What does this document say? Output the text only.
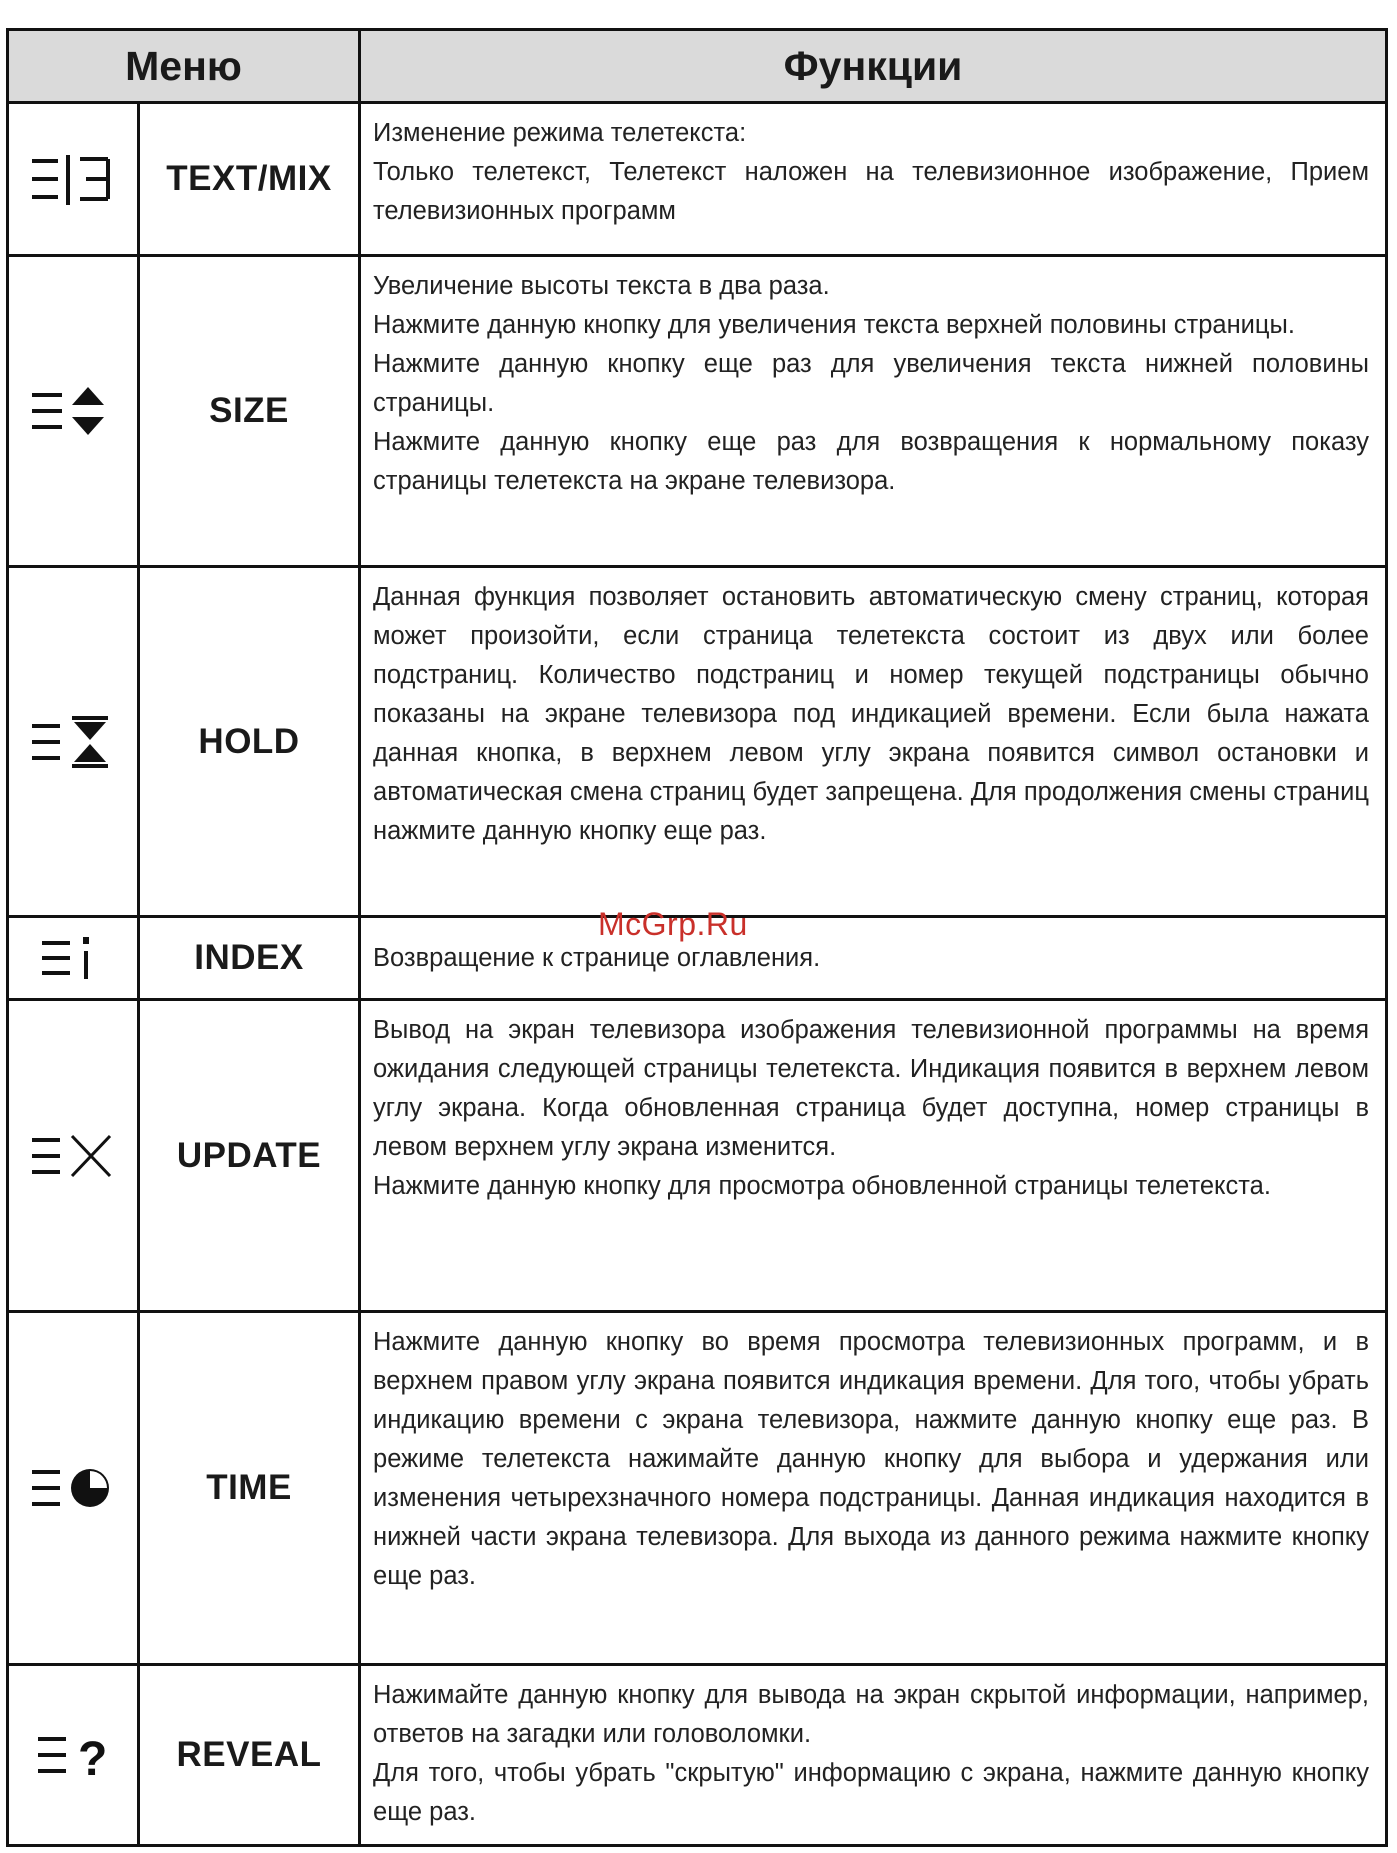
Меню		Функции
	TEXT/MIX	Изменение режима телетекста:

Только телетекст, Телетекст наложен на телевизионное изображение, Прием телевизионных программ

	SIZE	Увеличение высоты текста в два раза.

Нажмите данную кнопку для увеличения текста верхней половины страницы.

Нажмите данную кнопку еще раз для увеличения текста нижней половины страницы.

Нажмите данную кнопку еще раз для возвращения к нормальному показу страницы телетекста на экране телевизора.

	HOLD	Данная функция позволяет остановить автоматическую смену страниц, которая может произойти, если страница телетекста состоит из двух или более подстраниц. Количество подстраниц и номер текущей подстраницы обычно показаны на экране телевизора под индикацией времени. Если была нажата данная кнопка, в верхнем левом углу экрана появится символ остановки и автоматическая смена страниц будет запрещена. Для продолжения смены страниц нажмите данную кнопку еще раз.

	INDEX	Возвращение к странице оглавления.

	UPDATE	Вывод на экран телевизора изображения телевизионной программы на время ожидания следующей страницы телетекста. Индикация появится в верхнем левом углу экрана. Когда обновленная страница будет доступна, номер страницы в левом верхнем углу экрана изменится.

Нажмите данную кнопку для просмотра обновленной страницы телетекста.

	TIME	Нажмите данную кнопку во время просмотра телевизионных программ, и в верхнем правом углу экрана появится индикация времени. Для того, чтобы убрать индикацию времени с экрана телевизора, нажмите данную кнопку еще раз. В режиме телетекста нажимайте данную кнопку для выбора и удержания или изменения четырехзначного номера подстраницы. Данная индикация находится в нижней части экрана телевизора. Для выхода из данного режима нажмите кнопку еще раз.

?	REVEAL	Нажимайте данную кнопку для вывода на экран скрытой информации, например, ответов на загадки или головоломки.

Для того, чтобы убрать "скрытую" информацию с экрана, нажмите данную кнопку еще раз.

McGrp.Ru
